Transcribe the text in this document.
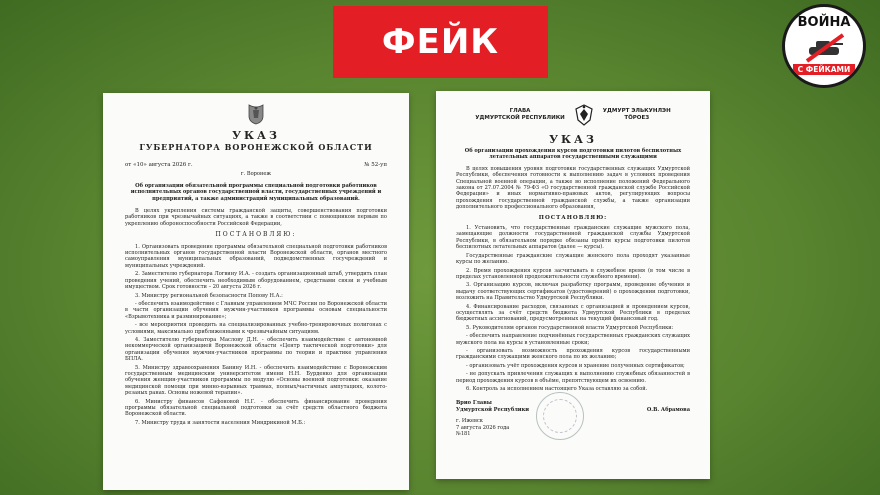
ФЕЙК	ВОЙНА
С ФЕЙКАМИ
УКАЗ
ГУБЕРНАТОРА ВОРОНЕЖСКОЙ ОБЛАСТИ
от «10» августа 2026 г.	№ 52-уп
г. Воронеж
Об организации обязательной программы специальной подготовки работников исполнительных органов государственной власти, государственных учреждений и предприятий, а также администраций муниципальных образований.
В целях укрепления системы гражданской защиты, совершенствования подготовки работников при чрезвычайных ситуациях, а также в соответствии с помощником первым по укреплению обороноспособности Российской Федерации,
ПОСТАНОВЛЯЮ:
1. Организовать проведение программы обязательной специальной подготовки работников исполнительных органов государственной власти Воронежской области, органов местного самоуправления муниципальных образований, подведомственных госучреждений и муниципальных учреждений.
2. Заместителю губернатора Логвину И.А. - создать организационный штаб, утвердить план проведения учений, обеспечить необходимым оборудованием, средствами связи и учебным имуществом. Срок готовности – 20 августа 2026 г.
3. Министру региональной безопасности Попову Н.А.:
- обеспечить взаимодействие с Главным управлением МЧС России по Воронежской области в части организации обучения мужчин-участников программы основам специальности «Взрывотехника и разминирование»;
- все мероприятия проводить на специализированных учебно-тренировочных полигонах с условиями, максимально приближенными к чрезвычайным ситуациям.
4. Заместителю губернатора Маслову Д.Н. - обеспечить взаимодействие с автономной некоммерческой организацией Воронежской области «Центр тактической подготовки» для организации обучения мужчин-участников программы по теории и практике управления БПЛА.
5. Министру здравоохранения Банину И.Н. - обеспечить взаимодействие с Воронежским государственным медицинским университетом имени Н.Н. Бурденко для организации обучения женщин-участников программы по модулю «Основы военной подготовки: оказание медицинской помощи при минно-взрывных травмах, полных/частичных ампутациях, колото-резаных ранах. Основы ножевой терапии».
6. Министру финансов Сафоновой Н.Г. - обеспечить финансирование проведения программы обязательной специальной подготовки за счёт средств областного бюджета Воронежской области.
7. Министру труда и занятости населения Миндрикиной М.Б.:
ГЛАВА
УДМУРТСКОЙ РЕСПУБЛИКИ
УДМУРТ ЭЛЬКУНЛЭН
ТӦРОЕЗ
УКАЗ
Об организации прохождения курсов подготовки пилотов беспилотных летательных аппаратов государственными служащими
В целях повышения уровня подготовки государственных служащих Удмуртской Республики, обеспечения готовности к выполнению задач в условиях проведения Специальной военной операции, а также во исполнение положений Федерального закона от 27.07.2004 № 79-ФЗ «О государственной гражданской службе Российской Федерации» и иных нормативно-правовых актов, регулирующих вопросы прохождения государственной гражданской службы, а также организации дополнительного профессионального образования,
ПОСТАНОВЛЯЮ:
1. Установить, что государственные гражданские служащие мужского пола, замещающие должности государственной гражданской службы Удмуртской Республики, в обязательном порядке обязаны пройти курсы подготовки пилотов беспилотных летательных аппаратов (далее — курсы).
Государственные гражданские служащие женского пола проходят указанные курсы по желанию.
2. Время прохождения курсов засчитывать в служебное время (в том числе в пределах установленной продолжительности служебного времени).
3. Организацию курсов, включая разработку программ, проведение обучения и выдачу соответствующих сертификатов (удостоверений) о прохождении подготовки, возложить на Правительство Удмуртской Республики.
4. Финансирование расходов, связанных с организацией и проведением курсов, осуществлять за счёт средств бюджета Удмуртской Республики в пределах бюджетных ассигнований, предусмотренных на текущий финансовый год.
5. Руководителям органов государственной власти Удмуртской Республики:
- обеспечить направление подчинённых государственных гражданских служащих мужского пола на курсы в установленные сроки;
- организовать возможность прохождения курсов государственными гражданскими служащими женского пола по их желанию;
- организовать учёт прохождения курсов и хранение полученных сертификатов;
- не допускать привлечения служащих к выполнению служебных обязанностей в период прохождения курсов в объёме, препятствующем их освоению.
6. Контроль за исполнением настоящего Указа оставляю за собой.
Врио Главы
Удмуртской Республики	О.В. Абрамова
г. Ижевск
7 августа 2026 года
№181
